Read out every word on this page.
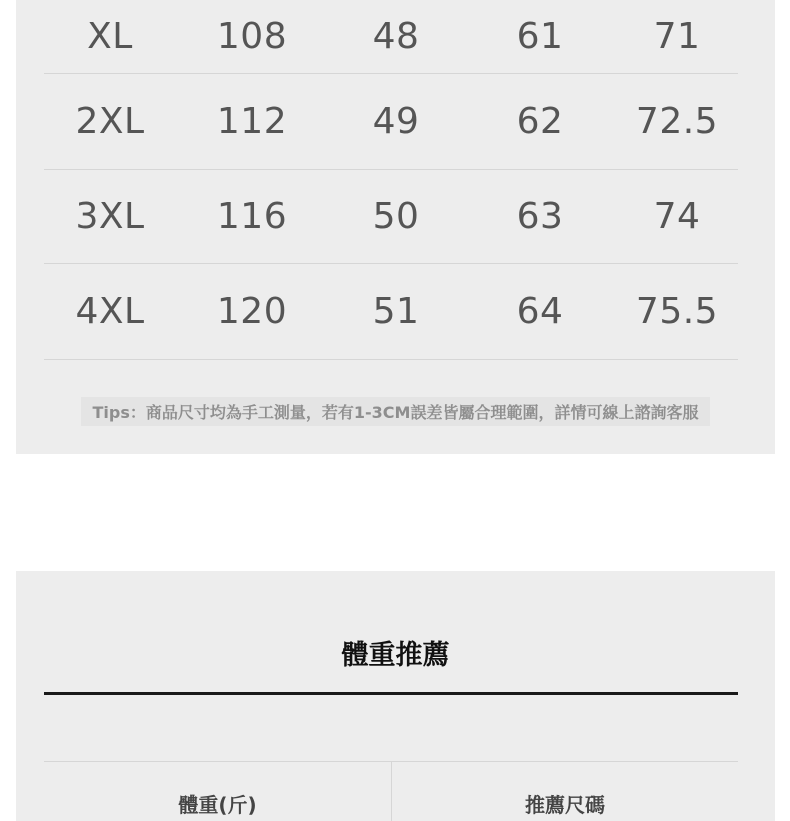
XL	108	48	61	71
2XL	112	49	62	72.5
3XL	116	50	63	74
4XL	120	51	64	75.5
Tips：商品尺寸均為手工測量，若有1-3CM誤差皆屬合理範圍，詳情可線上諮詢客服
體重推薦
體重(斤)	推薦尺碼
